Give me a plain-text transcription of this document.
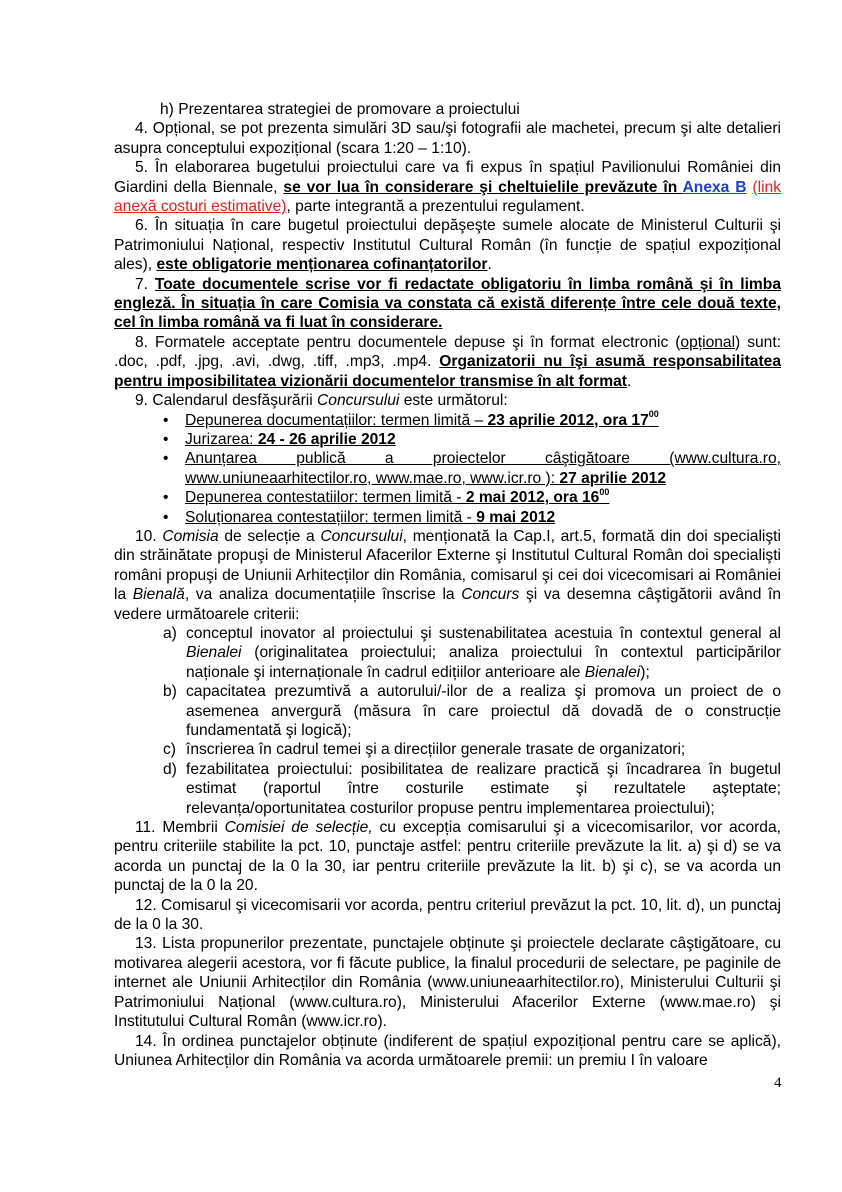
h) Prezentarea strategiei de promovare a proiectului

4. Opțional, se pot prezenta simulări 3D sau/şi fotografii ale machetei, precum şi alte detalieri asupra conceptului expozițional (scara 1:20 – 1:10).

5. În elaborarea bugetului proiectului care va fi expus în spațiul Pavilionului României din Giardini della Biennale, se vor lua în considerare şi cheltuielile prevăzute în Anexa B (link anexă costuri estimative), parte integrantă a prezentului regulament.

6. În situația în care bugetul proiectului depăşeşte sumele alocate de Ministerul Culturii şi Patrimoniului Național, respectiv Institutul Cultural Român (în funcție de spațiul expozițional ales), este obligatorie menționarea cofinanțatorilor.

7. Toate documentele scrise vor fi redactate obligatoriu în limba română şi în limba engleză. În situația în care Comisia va constata că există diferențe între cele două texte, cel în limba română va fi luat în considerare.

8. Formatele acceptate pentru documentele depuse şi în format electronic (opțional) sunt: .doc, .pdf, .jpg, .avi, .dwg, .tiff, .mp3, .mp4. Organizatorii nu îşi asumă responsabilitatea pentru imposibilitatea vizionării documentelor transmise în alt format.

9. Calendarul desfăşurării Concursului este următorul:

• Depunerea documentațiilor: termen limită – 23 aprilie 2012, ora $17^{00}$
• Jurizarea: 24 - 26 aprilie 2012
• Anunțarea publică a proiectelor câştigătoare (www.cultura.ro, www.uniuneaarhitectilor.ro, www.mae.ro, www.icr.ro ): 27 aprilie 2012
• Depunerea contestatiilor: termen limită - 2 mai 2012, ora $16^{00}$
• Soluționarea contestațiilor: termen limită - 9 mai 2012

10. Comisia de selecție a Concursului, menționată la Cap.I, art.5, formată din doi specialişti din străinătate propuşi de Ministerul Afacerilor Externe şi Institutul Cultural Român doi specialişti români propuşi de Uniunii Arhitecților din România, comisarul şi cei doi vicecomisari ai României la Bienală, va analiza documentațiile înscrise la Concurs şi va desemna câştigătorii având în vedere următoarele criterii:

a) conceptul inovator al proiectului şi sustenabilitatea acestuia în contextul general al Bienalei (originalitatea proiectului; analiza proiectului în contextul participărilor naționale şi internaționale în cadrul edițiilor anterioare ale Bienalei);
b) capacitatea prezumtivă a autorului/-ilor de a realiza şi promova un proiect de o asemenea anvergură (măsura în care proiectul dă dovadă de o construcție fundamentată şi logică);
c) înscrierea în cadrul temei şi a direcțiilor generale trasate de organizatori;
d) fezabilitatea proiectului: posibilitatea de realizare practică şi încadrarea în bugetul estimat (raportul între costurile estimate şi rezultatele aşteptate; relevanța/oportunitatea costurilor propuse pentru implementarea proiectului);

11. Membrii Comisiei de selecție, cu excepția comisarului şi a vicecomisarilor, vor acorda, pentru criteriile stabilite la pct. 10, punctaje astfel: pentru criteriile prevăzute la lit. a) şi d) se va acorda un punctaj de la 0 la 30, iar pentru criteriile prevăzute la lit. b) şi c), se va acorda un punctaj de la 0 la 20.

12. Comisarul şi vicecomisarii vor acorda, pentru criteriul prevăzut la pct. 10, lit. d), un punctaj de la 0 la 30.

13. Lista propunerilor prezentate, punctajele obținute şi proiectele declarate câştigătoare, cu motivarea alegerii acestora, vor fi făcute publice, la finalul procedurii de selectare, pe paginile de internet ale Uniunii Arhitecților din România (www.uniuneaarhitectilor.ro), Ministerului Culturii şi Patrimoniului Național (www.cultura.ro), Ministerului Afacerilor Externe (www.mae.ro) şi Institutului Cultural Român (www.icr.ro).

14. În ordinea punctajelor obținute (indiferent de spațiul expozițional pentru care se aplică), Uniunea Arhitecților din România va acorda următoarele premii: un premiu I în valoare

4
